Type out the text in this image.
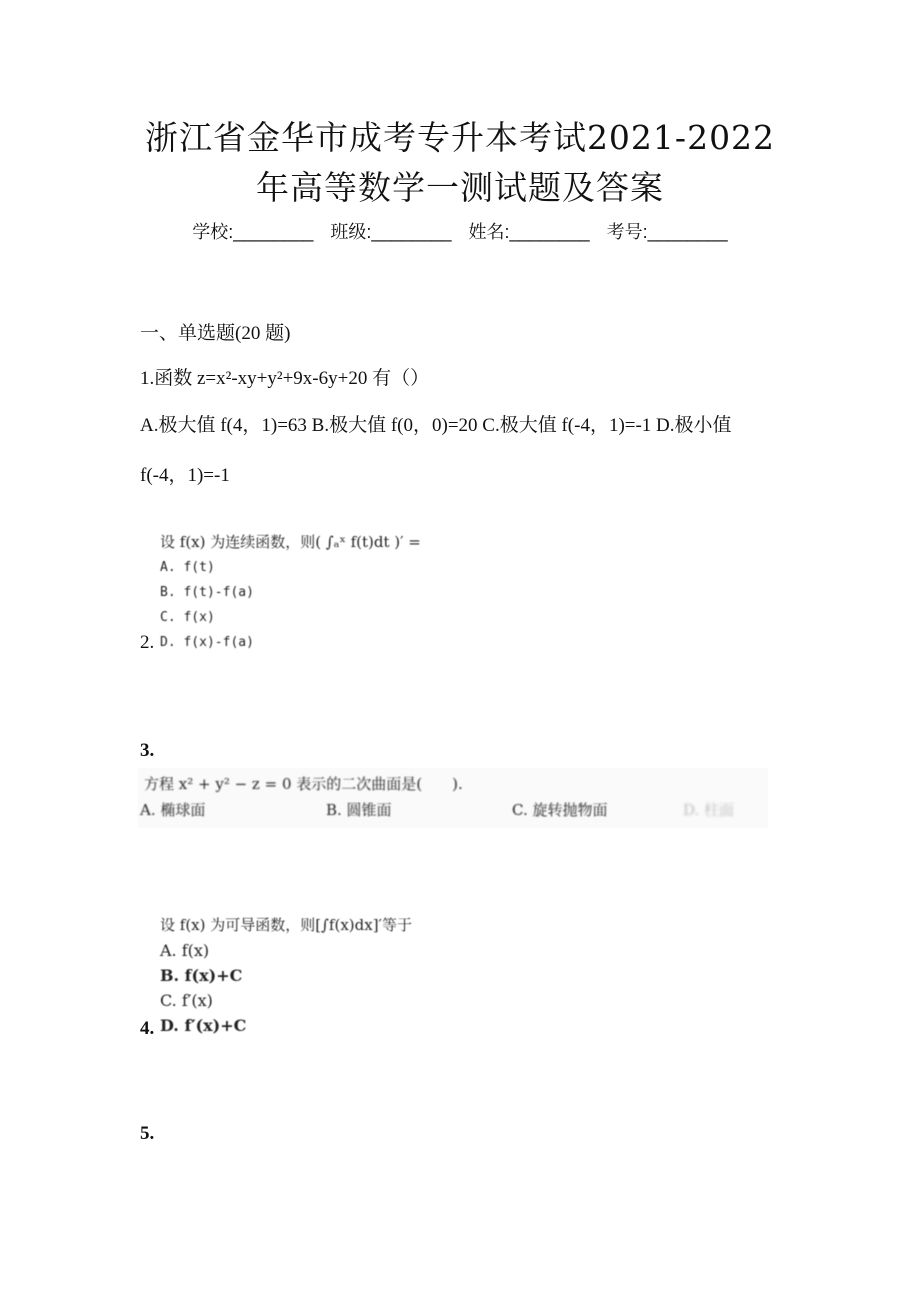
浙江省金华市成考专升本考试2021-2022
年高等数学一测试题及答案
学校:________ 班级:________ 姓名:________ 考号:________
一、单选题(20 题)
1.函数 z=x²-xy+y²+9x-6y+20 有（）
A.极大值 f(4，1)=63 B.极大值 f(0，0)=20 C.极大值 f(-4，1)=-1 D.极小值
f(-4，1)=-1
设 f(x) 为连续函数，则( ∫ₐˣ f(t)dt )′ =
A. f(t)
B. f(t)-f(a)
C. f(x)
D. f(x)-f(a)
2.
3.
方程 x² + y² − z = 0 表示的二次曲面是(　　).
A. 椭球面	B. 圆锥面	C. 旋转抛物面	D. 柱面
设 f(x) 为可导函数，则[∫f(x)dx]′等于
A. f(x)
B. f(x)+C
C. f′(x)
D. f′(x)+C
4.
5.
